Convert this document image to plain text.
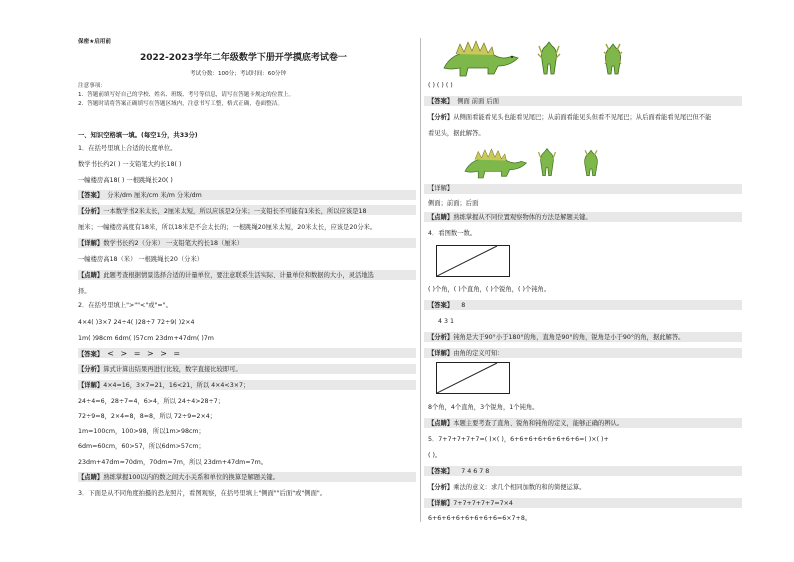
保密★启用前
2022-2023学年二年级数学下册开学摸底考试卷一
考试分数：100分；考试时间：60分钟
注意事项：
1．答题前填写好自己的学校、姓名、班级、考号等信息，请写在答题卡规定的位置上。
2．答题时请将答案正确填写在答题区域内，注意书写工整，格式正确，卷面整洁。
一、知识空格填一填。(每空1分，共33分)
1．在括号里填上合适的长度单位。
数学书长约2( ) 一支铅笔大约长18( )
一幢楼房高18( ) 一根跳绳长20( )
【答案】 分米/dm 厘米/cm 米/m 分米/dm
【分析】一本数学书2米太长，2厘米太短，所以应该是2分米；一支铅长不可能有1米长，所以应该是18
厘米；一幢楼房高度有18米，所以18米是不会太长的；一根跳绳20厘米太短，20米太长，应该是20分米。
【详解】数学书长约2（分米） 一支铅笔大约长18（厘米）
一幢楼房高18（米） 一根跳绳长20（分米）
【点睛】此题考查根据情景选择合适的计量单位，要注意联系生活实际、计量单位和数据的大小，灵活地选
择。
2．在括号里填上">""<"或"="。
4×4( )3×7 24÷4( )28÷7 72÷9( )2×4
1m( )98cm 6dm( )57cm 23dm+47dm( )7m
【答案】 < > = > > =
【分析】算式计算出结果再进行比较，数字直接比较即可。
【详解】4×4=16，3×7=21，16<21，所以 4×4<3×7；
24÷4=6，28÷7=4，6>4，所以 24÷4>28÷7；
72÷9=8，2×4=8，8=8，所以 72÷9=2×4；
1m=100cm，100>98，所以1m>98cm；
6dm=60cm，60>57，所以6dm>57cm；
23dm+47dm=70dm，70dm=7m，所以 23dm+47dm=7m。
【点睛】熟练掌握100以内的数之间大小关系和单位的换算是解题关键。
3．下面是从不同角度拍摄的恐龙照片，看图观察，在括号里填上"侧面""后面"或"侧面"。
( ) ( ) ( )
【答案】 侧面 前面 后面
【分析】从侧面看能看见头也能看见尾巴；从前面看能见头但看不见尾巴；从后面看能看见尾巴但不能
看见头，据此解答。
【详解】
侧面；前面；后面
【点睛】熟练掌握从不同位置观察物体的方法是解题关键。
4．看图数一数。
( )个角，( )个直角，( )个锐角，( )个钝角。
【答案】 8
4 3 1
【分析】钝角是大于90°小于180°的角，直角是90°的角，锐角是小于90°的角，据此解答。
【详解】由角的定义可知：
8个角，4个直角，3个锐角，1个钝角。
【点睛】本题主要考查了直角、锐角和钝角的定义，能够正确的辨认。
5．7+7+7+7+7=( )×( )，6+6+6+6+6+6+6+6=( )×( )+
( )。
【答案】 7 4 6 7 8
【分析】乘法的意义：求几个相同加数的和的简便运算。
【详解】7+7+7+7+7=7×4
6+6+6+6+6+6+6+6=6×7+8。
